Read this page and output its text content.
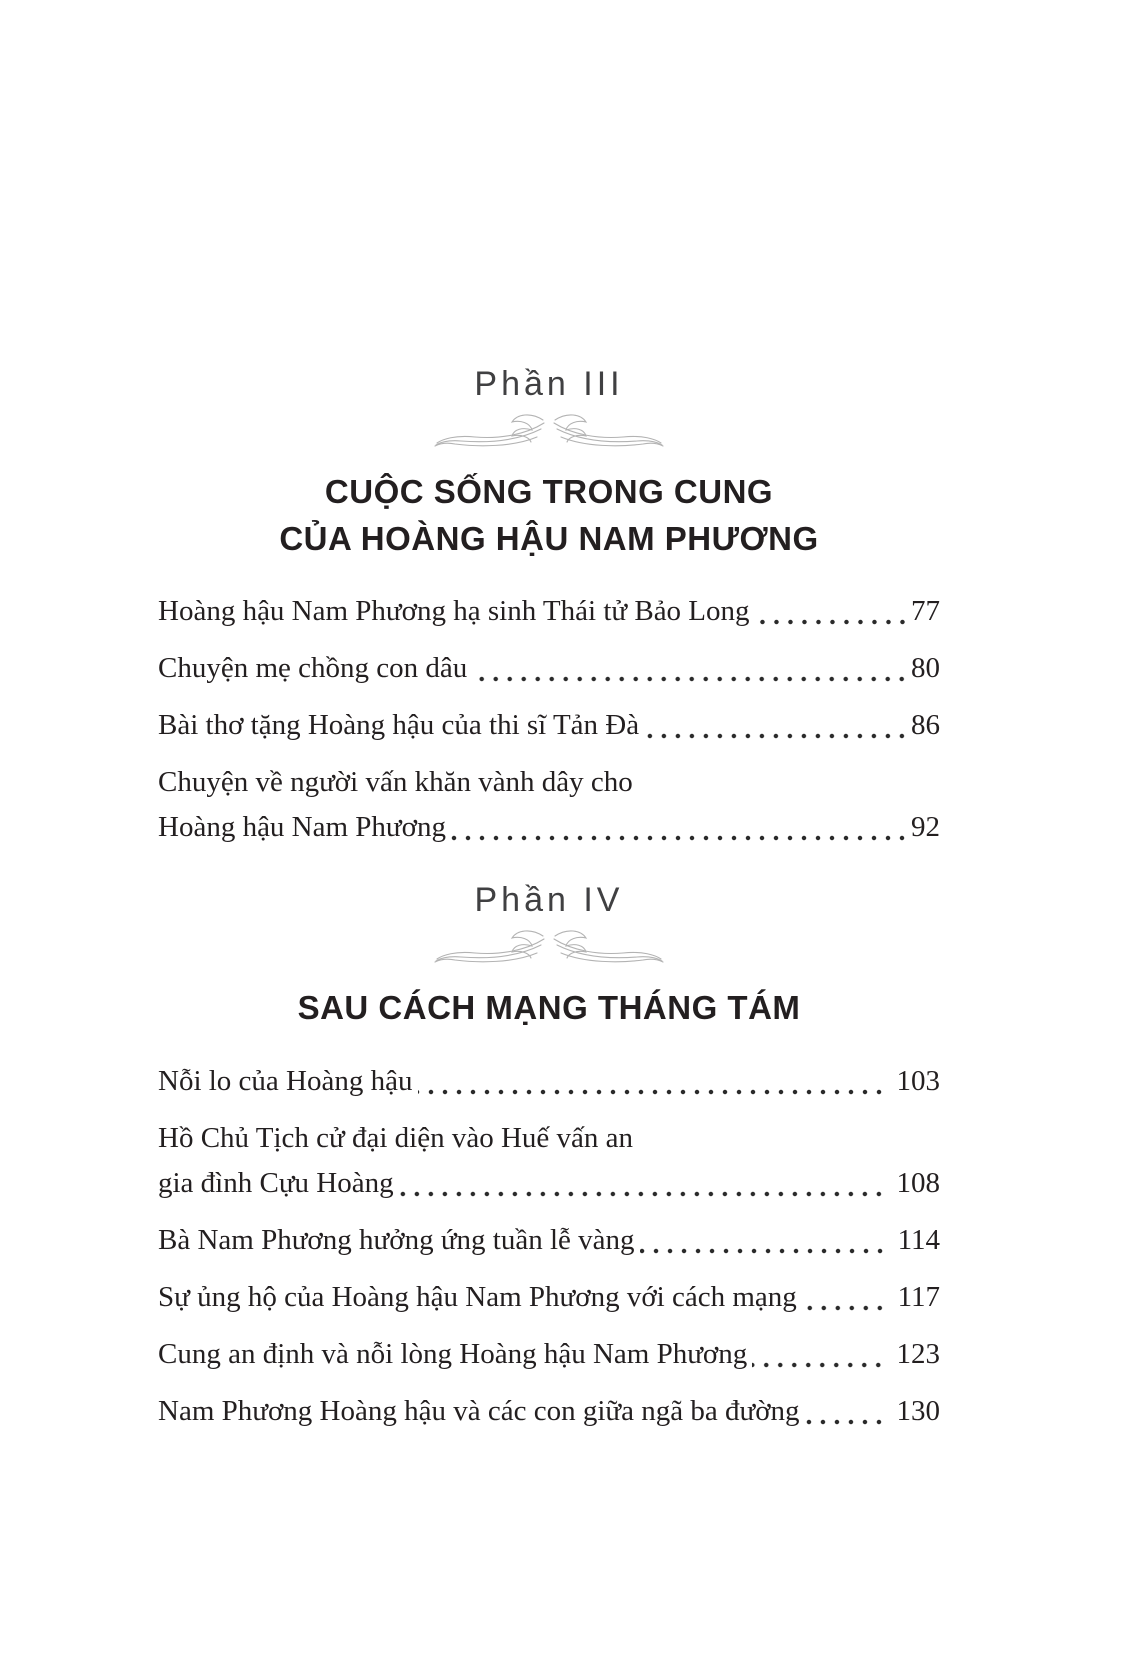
Phần III
CUỘC SỐNG TRONG CUNG
CỦA HOÀNG HẬU NAM PHƯƠNG
Hoàng hậu Nam Phương hạ sinh Thái tử Bảo Long	77
Chuyện mẹ chồng con dâu	80
Bài thơ tặng Hoàng hậu của thi sĩ Tản Đà	86
Chuyện về người vấn khăn vành dây cho
Hoàng hậu Nam Phương	92
Phần IV
SAU CÁCH MẠNG THÁNG TÁM
Nỗi lo của Hoàng hậu	103
Hồ Chủ Tịch cử đại diện vào Huế vấn an
gia đình Cựu Hoàng	108
Bà Nam Phương hưởng ứng tuần lễ vàng	114
Sự ủng hộ của Hoàng hậu Nam Phương với cách mạng	117
Cung an định và nỗi lòng Hoàng hậu Nam Phương	123
Nam Phương Hoàng hậu và các con giữa ngã ba đường	130
